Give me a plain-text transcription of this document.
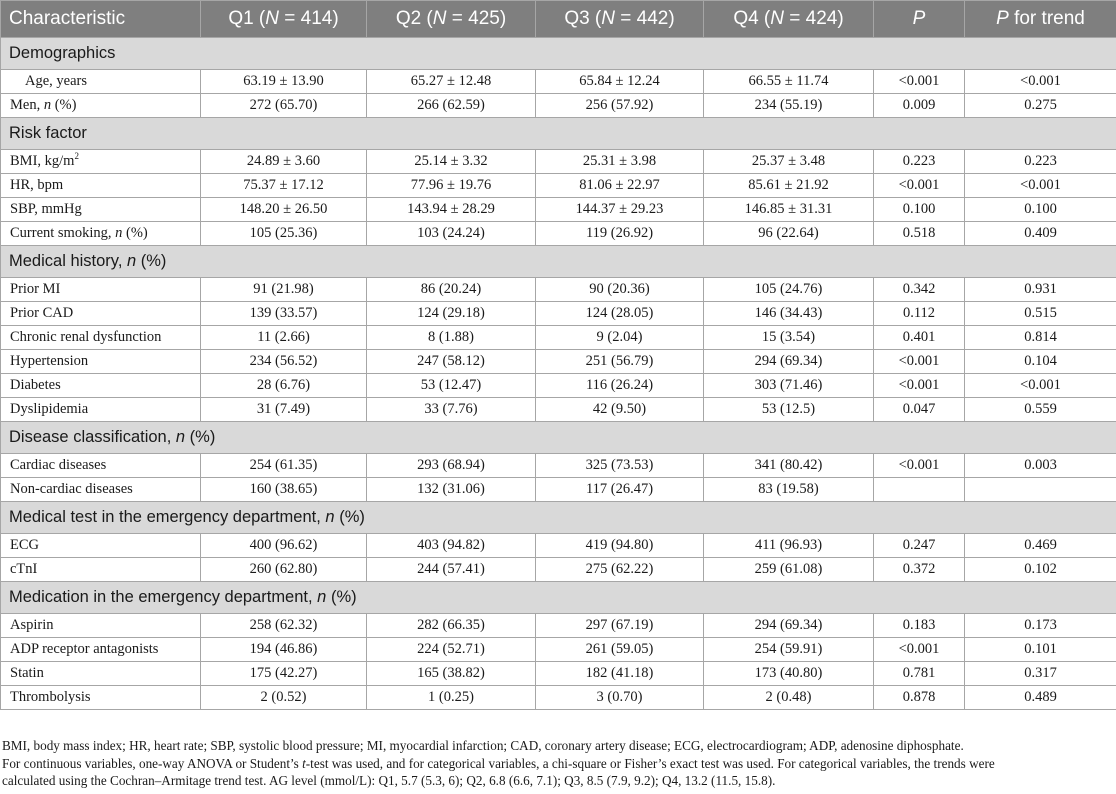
Characteristic	Q1 (N = 414)	Q2 (N = 425)	Q3 (N = 442)	Q4 (N = 424)	P	P for trend
Demographics						
Age, years	63.19 ± 13.90	65.27 ± 12.48	65.84 ± 12.24	66.55 ± 11.74	<0.001	<0.001
Men, n (%)	272 (65.70)	266 (62.59)	256 (57.92)	234 (55.19)	0.009	0.275
Risk factor						
BMI, $kg/m^2$	24.89 ± 3.60	25.14 ± 3.32	25.31 ± 3.98	25.37 ± 3.48	0.223	0.223
HR, bpm	75.37 ± 17.12	77.96 ± 19.76	81.06 ± 22.97	85.61 ± 21.92	<0.001	<0.001
SBP, mmHg	148.20 ± 26.50	143.94 ± 28.29	144.37 ± 29.23	146.85 ± 31.31	0.100	0.100
Current smoking, n (%)	105 (25.36)	103 (24.24)	119 (26.92)	96 (22.64)	0.518	0.409
Medical history, n (%)						
Prior MI	91 (21.98)	86 (20.24)	90 (20.36)	105 (24.76)	0.342	0.931
Prior CAD	139 (33.57)	124 (29.18)	124 (28.05)	146 (34.43)	0.112	0.515
Chronic renal dysfunction	11 (2.66)	8 (1.88)	9 (2.04)	15 (3.54)	0.401	0.814
Hypertension	234 (56.52)	247 (58.12)	251 (56.79)	294 (69.34)	<0.001	0.104
Diabetes	28 (6.76)	53 (12.47)	116 (26.24)	303 (71.46)	<0.001	<0.001
Dyslipidemia	31 (7.49)	33 (7.76)	42 (9.50)	53 (12.5)	0.047	0.559
Disease classification, n (%)						
Cardiac diseases	254 (61.35)	293 (68.94)	325 (73.53)	341 (80.42)	<0.001	0.003
Non-cardiac diseases	160 (38.65)	132 (31.06)	117 (26.47)	83 (19.58)		
Medical test in the emergency department, n (%)						
ECG	400 (96.62)	403 (94.82)	419 (94.80)	411 (96.93)	0.247	0.469
cTnI	260 (62.80)	244 (57.41)	275 (62.22)	259 (61.08)	0.372	0.102
Medication in the emergency department, n (%)						
Aspirin	258 (62.32)	282 (66.35)	297 (67.19)	294 (69.34)	0.183	0.173
ADP receptor antagonists	194 (46.86)	224 (52.71)	261 (59.05)	254 (59.91)	<0.001	0.101
Statin	175 (42.27)	165 (38.82)	182 (41.18)	173 (40.80)	0.781	0.317
Thrombolysis	2 (0.52)	1 (0.25)	3 (0.70)	2 (0.48)	0.878	0.489

BMI, body mass index; HR, heart rate; SBP, systolic blood pressure; MI, myocardial infarction; CAD, coronary artery disease; ECG, electrocardiogram; ADP, adenosine diphosphate.

For continuous variables, one-way ANOVA or Student’s t-test was used, and for categorical variables, a chi-square or Fisher’s exact test was used. For categorical variables, the trends were

calculated using the Cochran–Armitage trend test. AG level (mmol/L): Q1, 5.7 (5.3, 6); Q2, 6.8 (6.6, 7.1); Q3, 8.5 (7.9, 9.2); Q4, 13.2 (11.5, 15.8).
